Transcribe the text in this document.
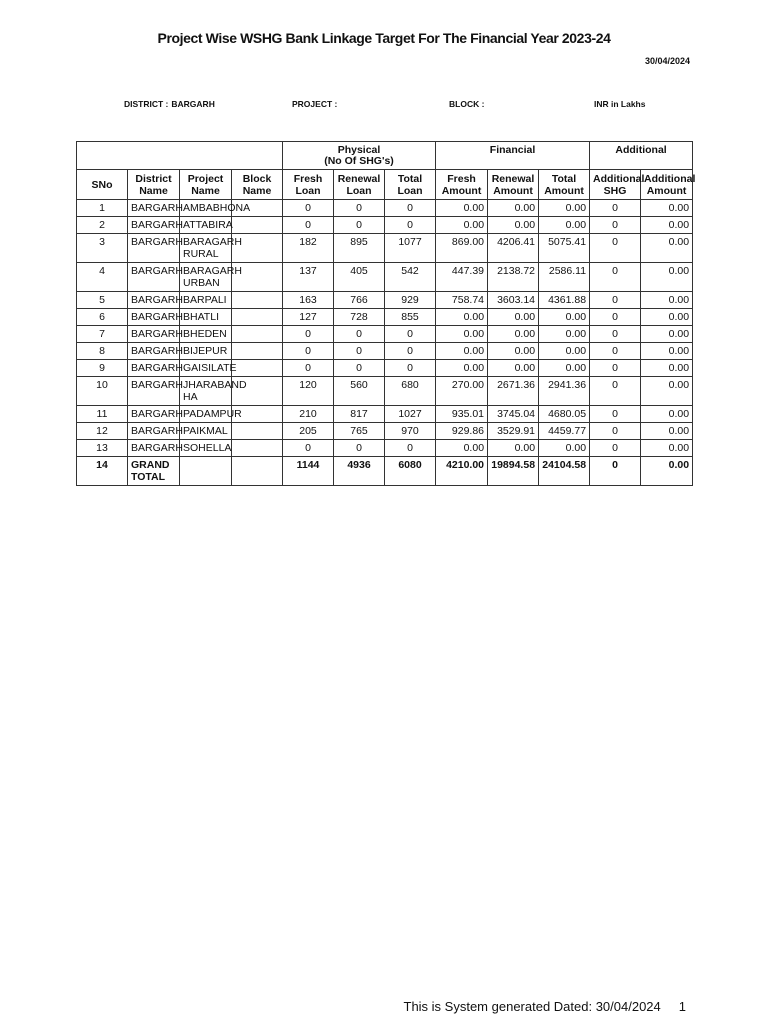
Project Wise WSHG Bank Linkage Target For The Financial Year 2023-24
30/04/2024
DISTRICT : BARGARH	PROJECT :	BLOCK :	INR in Lakhs
				Physical
(No Of SHG's)			Financial			Additional	
SNo	District Name	Project Name	Block Name	Fresh Loan	Renewal Loan	Total Loan	Fresh Amount	Renewal Amount	Total Amount	Additional SHG	Additional Amount
1	BARGARH	AMBABHONA		0	0	0	0.00	0.00	0.00	0	0.00
2	BARGARH	ATTABIRA		0	0	0	0.00	0.00	0.00	0	0.00
3	BARGARH	BARAGARH RURAL		182	895	1077	869.00	4206.41	5075.41	0	0.00
4	BARGARH	BARAGARH URBAN		137	405	542	447.39	2138.72	2586.11	0	0.00
5	BARGARH	BARPALI		163	766	929	758.74	3603.14	4361.88	0	0.00
6	BARGARH	BHATLI		127	728	855	0.00	0.00	0.00	0	0.00
7	BARGARH	BHEDEN		0	0	0	0.00	0.00	0.00	0	0.00
8	BARGARH	BIJEPUR		0	0	0	0.00	0.00	0.00	0	0.00
9	BARGARH	GAISILATE		0	0	0	0.00	0.00	0.00	0	0.00
10	BARGARH	JHARABAND HA		120	560	680	270.00	2671.36	2941.36	0	0.00
11	BARGARH	PADAMPUR		210	817	1027	935.01	3745.04	4680.05	0	0.00
12	BARGARH	PAIKMAL		205	765	970	929.86	3529.91	4459.77	0	0.00
13	BARGARH	SOHELLA		0	0	0	0.00	0.00	0.00	0	0.00
14	GRAND TOTAL			1144	4936	6080	4210.00	19894.58	24104.58	0	0.00
This is System generated Dated: 30/04/2024 1
